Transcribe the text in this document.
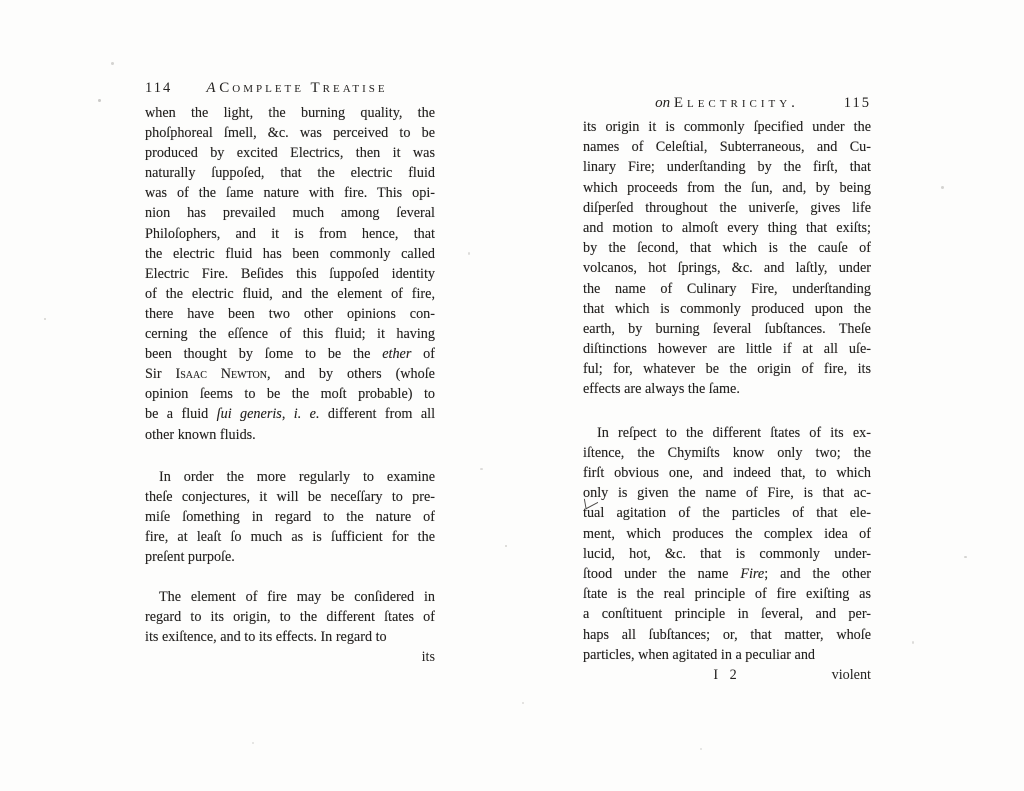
114	A Complete Treatise
when the light, the burning quality, the
phoſphoreal ſmell, &c. was perceived to be
produced by excited Electrics, then it was
naturally ſuppoſed, that the electric fluid
was of the ſame nature with fire. This opi-
nion has prevailed much among ſeveral
Philoſophers, and it is from hence, that
the electric fluid has been commonly called
Electric Fire. Beſides this ſuppoſed identity
of the electric fluid, and the element of fire,
there have been two other opinions con-
cerning the eſſence of this fluid; it having
been thought by ſome to be the ether of
Sir Isaac Newton, and by others (whoſe
opinion ſeems to be the moſt probable) to
be a fluid ſui generis, i. e. different from all
other known fluids.
In order the more regularly to examine
theſe conjectures, it will be neceſſary to pre-
miſe ſomething in regard to the nature of
fire, at leaſt ſo much as is ſufficient for the
preſent purpoſe.
The element of fire may be conſidered in
regard to its origin, to the different ſtates of
its exiſtence, and to its effects. In regard to
its
on Electricity.	115
its origin it is commonly ſpecified under the
names of Celeſtial, Subterraneous, and Cu-
linary Fire; underſtanding by the firſt, that
which proceeds from the ſun, and, by being
diſperſed throughout the univerſe, gives life
and motion to almoſt every thing that exiſts;
by the ſecond, that which is the cauſe of
volcanos, hot ſprings, &c. and laſtly, under
the name of Culinary Fire, underſtanding
that which is commonly produced upon the
earth, by burning ſeveral ſubſtances. Theſe
diſtinctions however are little if at all uſe-
ful; for, whatever be the origin of fire, its
effects are always the ſame.
In reſpect to the different ſtates of its ex-
iſtence, the Chymiſts know only two; the
firſt obvious one, and indeed that, to which
only is given the name of Fire, is that ac-
tual agitation of the particles of that ele-
ment, which produces the complex idea of
lucid, hot, &c. that is commonly under-
ſtood under the name Fire; and the other
ſtate is the real principle of fire exiſting as
a conſtituent principle in ſeveral, and per-
haps all ſubſtances; or, that matter, whoſe
particles, when agitated in a peculiar and
I 2	violent
